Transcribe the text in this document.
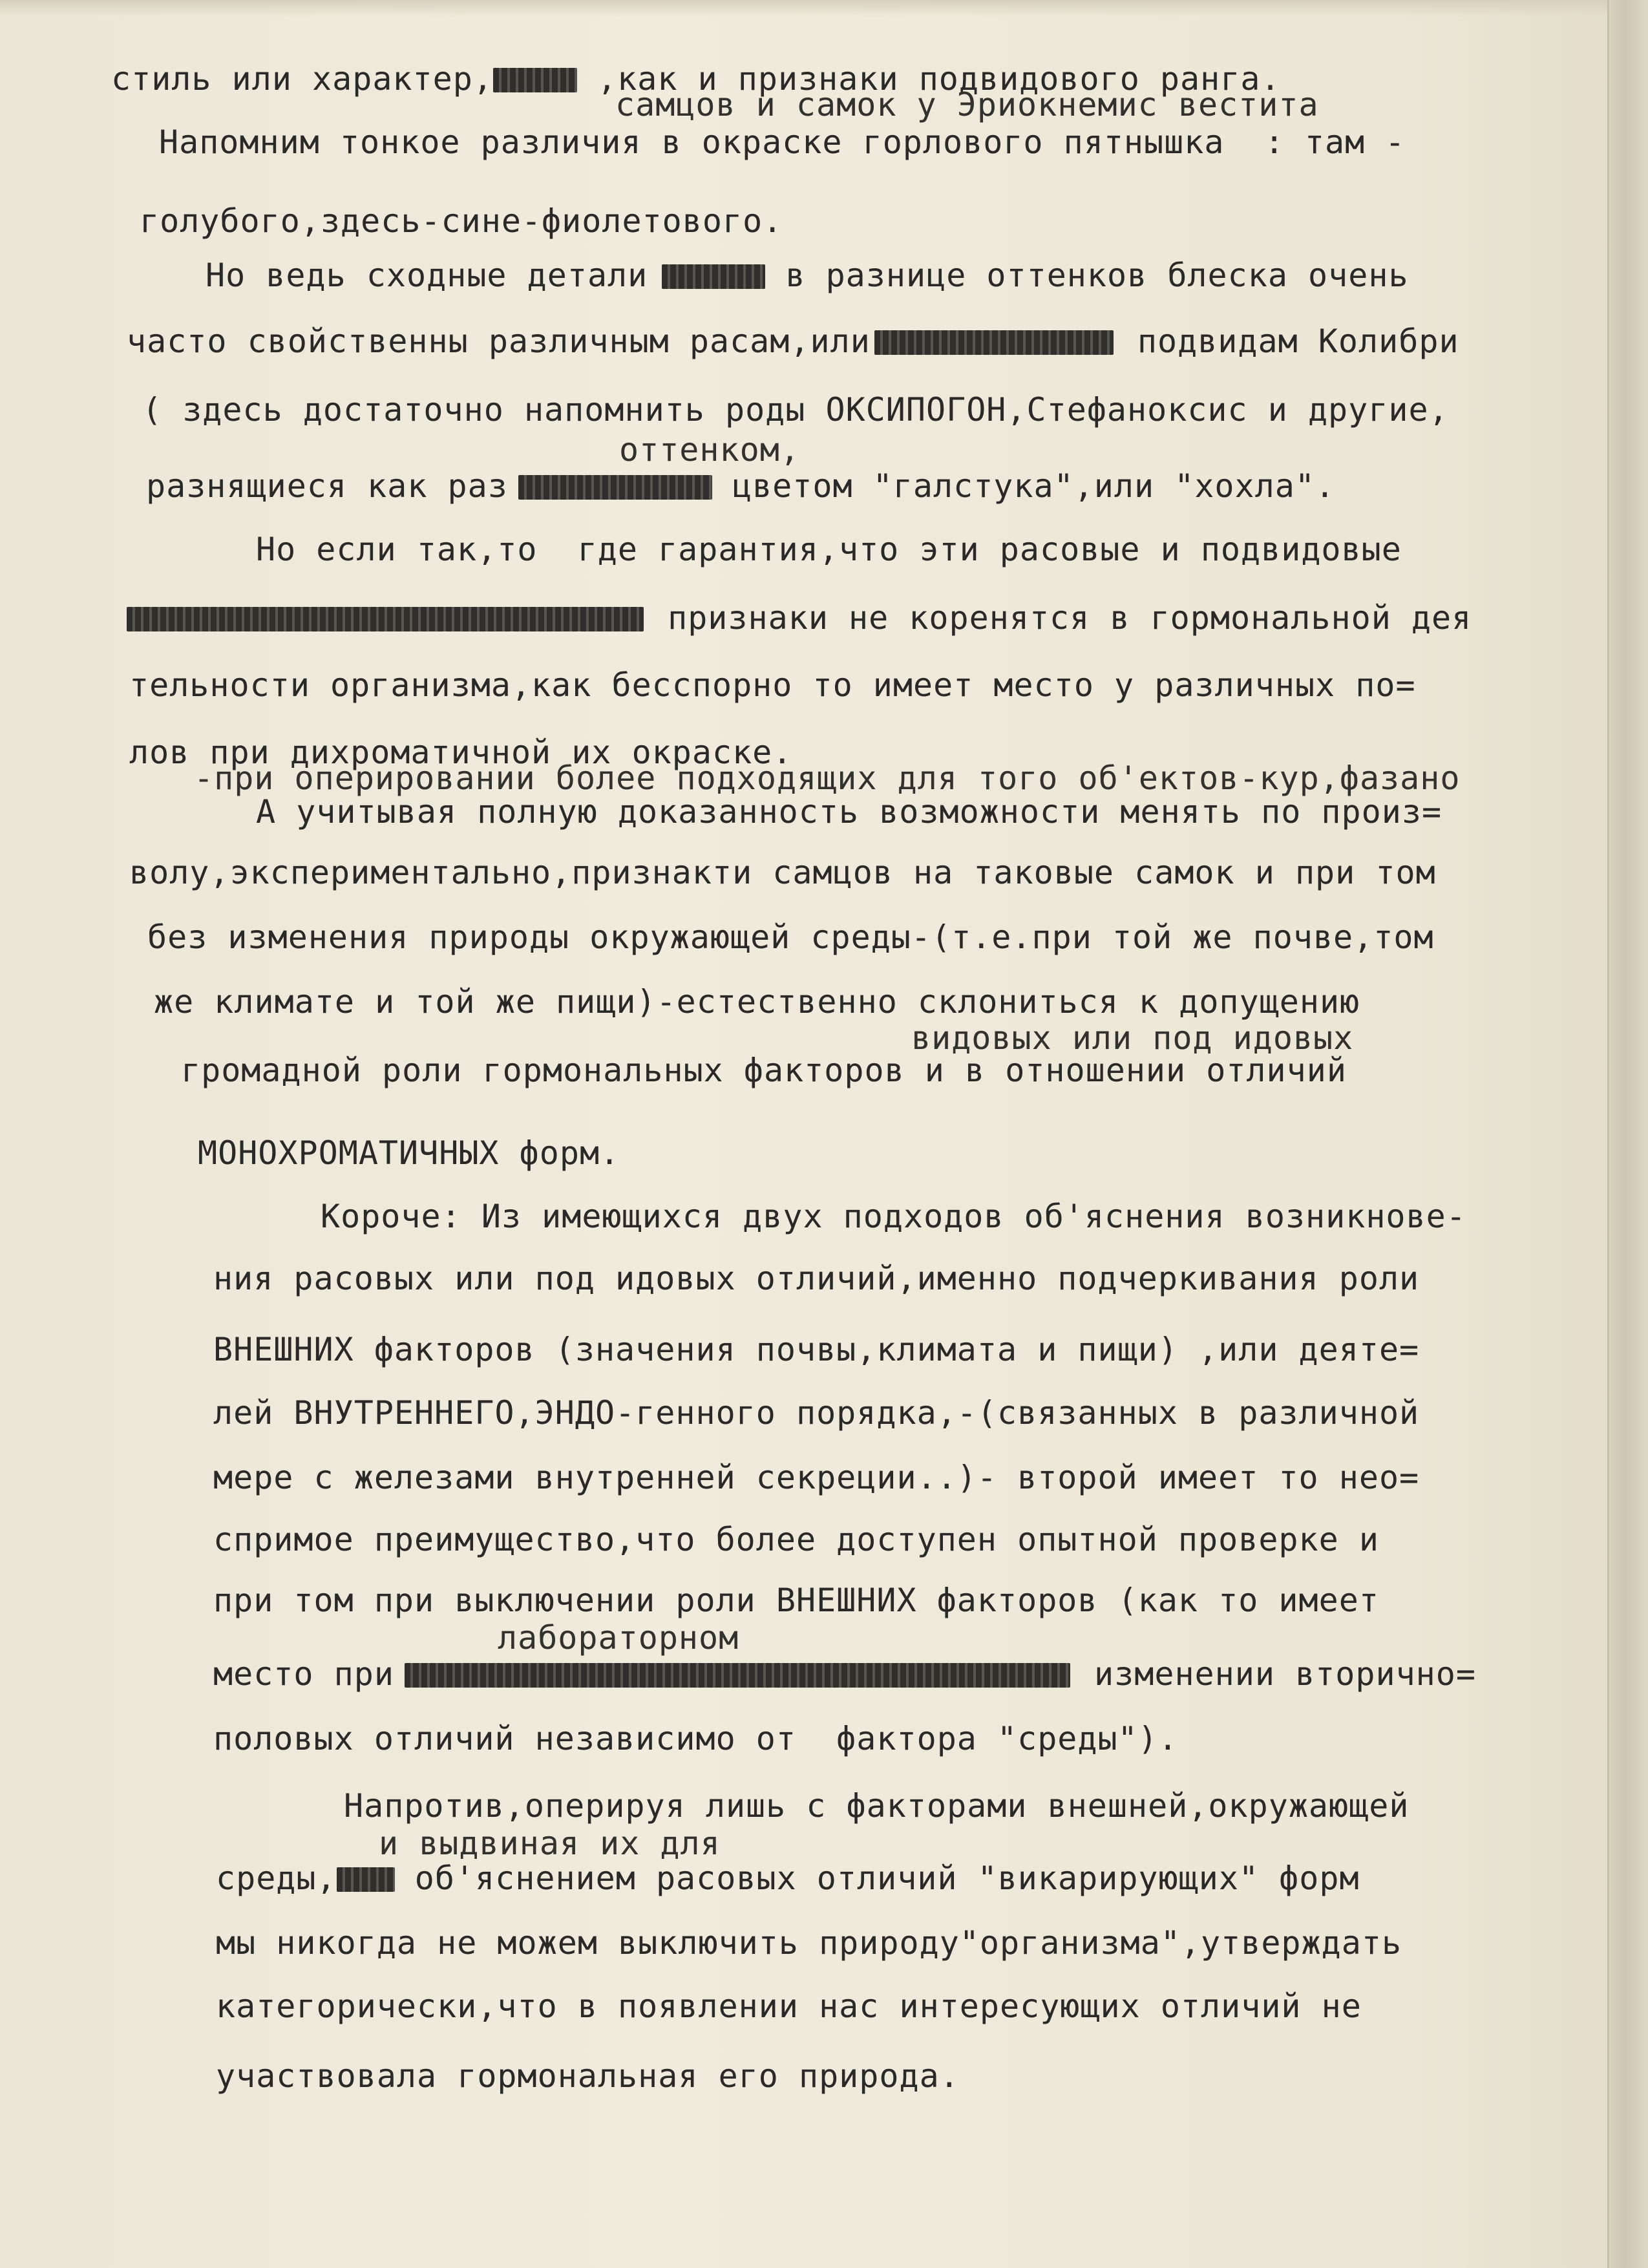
стиль или характер,	,как и признаки подвидового ранга.
самцов и самок у Эриокнемис вестита
Напомним тонкое различия в окраске горлового пятнышка  : там -
голубого,здесь-сине-фиолетового.
Но ведь сходные детали	в разнице оттенков блеска очень
часто свойственны различным расам,или	подвидам Колибри
( здесь достаточно напомнить роды ОКСИПОГОН,Стефаноксис и другие,
оттенком,
разнящиеся как раз	цветом "галстука",или "хохла".
Но если так,то  где гарантия,что эти расовые и подвидовые
признаки не коренятся в гормональной дея
тельности организма,как бесспорно то имеет место у различных по=
лов при дихроматичной их окраске.
-при оперировании более подходящих для того об'ектов-кур,фазано
А учитывая полную доказанность возможности менять по произ=
волу,экспериментально,признакти самцов на таковые самок и при том
без изменения природы окружающей среды-(т.е.при той же почве,том
же климате и той же пищи)-естественно склониться к допущению
видовых или под идовых
громадной роли гормональных факторов и в отношении отличий
МОНОХРОМАТИЧНЫХ форм.
Короче: Из имеющихся двух подходов об'яснения возникнове-
ния расовых или под идовых отличий,именно подчеркивания роли
ВНЕШНИХ факторов (значения почвы,климата и пищи) ,или деяте=
лей ВНУТРЕННЕГО,ЭНДО-генного порядка,-(связанных в различной
мере с железами внутренней секреции..)- второй имеет то нео=
спримое преимущество,что более доступен опытной проверке и
при том при выключении роли ВНЕШНИХ факторов (как то имеет
лабораторном
место при	изменении вторично=
половых отличий независимо от  фактора "среды").
Напротив,оперируя лишь с факторами внешней,окружающей
и выдвиная их для
среды, об'яснением расовых отличий "викарирующих" форм
мы никогда не можем выключить природу"организма",утверждать
категорически,что в появлении нас интересующих отличий не
участвовала гормональная его природа.
